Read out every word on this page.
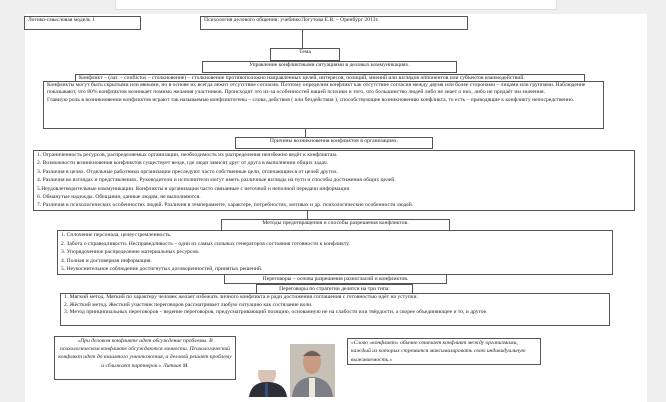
Логико-смысловая модель 1	Психология делового общения: учебник/Логутова Е.В. – Оренбург 2013г.
Тема
Управление конфликтными ситуациями в деловых коммуникациях.
Конфликт – (лат. – conflictus – столкновение) – столкновение противоположно направленных целей, интересов, позиций, мнений или взглядов оппонентов или субъектов взаимодействий.
Конфликты могут быть скрытыми или явными, но в основе их всегда лежит отсутствие согласия. Поэтому определим конфликт как отсутствие согласия между двумя или более сторонами – лицами или группами. Наблюдение показывают, что 80% конфликтов возникает помимо желания участников. Происходит это из-за особенностей нашей психики и того, что большинство людей либо не знает о них, либо не придаёт им значения.
Главную роль в возникновении конфликтов играют так называемые конфликтогены – слова, действия ( или бездействия ), способствующие возникновению конфликта, то есть – приводящие к конфликту непосредственно.
Причины возникновения конфликтов в организациях.
1. Ограниченность ресурсов, распределяемых организации, необходимость их распределения неизбежно ведёт к конфликтам.
2. Возможности возникновения конфликтов существует везде, где люди зависят друг от друга в выполнении общих задач.
3. Различия в целях. Отдельные работники организации преследуют часто собственные цели, отличающиеся от целей других.
4. Различия во взглядах и представлениях. Руководители и исполнители могут иметь различные взгляды на пути и способы достижения общих целей.
5.Неудовлетворительные коммуникации. Конфликты в организации часто связанные с неточной и неполной передачи информации
6. Обманутые надежды. Обещания, данные людям, не выполняются.
7. Различия в психологических особенностях людей. Различия в темпераменте, характере, потребностях, мотивах и др. психологические особенности людей.
Методы предотвращения и способы разрешения конфликтов.
1. Сплочение персонала, целеустремленность.
2. Забота о справедливости. Несправедливость – один из самых сильных генераторов состояния готовности к конфликту.
3. Упорядоченное распределение материальных ресурсов.
4. Полная и достоверная информация.
5. Неукоснительное соблюдение достигнутых договоренностей, принятых решений.
Переговоры – основа разрешения разногласий и конфликтов.
Переговоры по стратегии делятся на три типа:
1. Мягкий метод. Мягкий по характеру человек желает избежать личного конфликта и ради достижения соглашения с готовностью идёт на уступки.
2. Жёсткий метод. Жесткий участник переговоров рассматривает любую ситуацию как состязание воли.
3. Метод принципиальных переговоров – ведение переговоров, предусматривающий позицию, основанную не на слабости или твёрдости, а скорее объединяющее и то, и другое.
«При деловом конфликте идет обсуждение проблемы. В психологическом конфликте обсуждаются личности. Психологический конфликт идет до взаимного уничтожения, а деловой решает проблему и сближает партнеров.» Литвак М.
«Слово «конфликт» обычно означает конфликт между организмами, каждый из которых стремится максимизировать свою индивидуальную выживаемость.»
